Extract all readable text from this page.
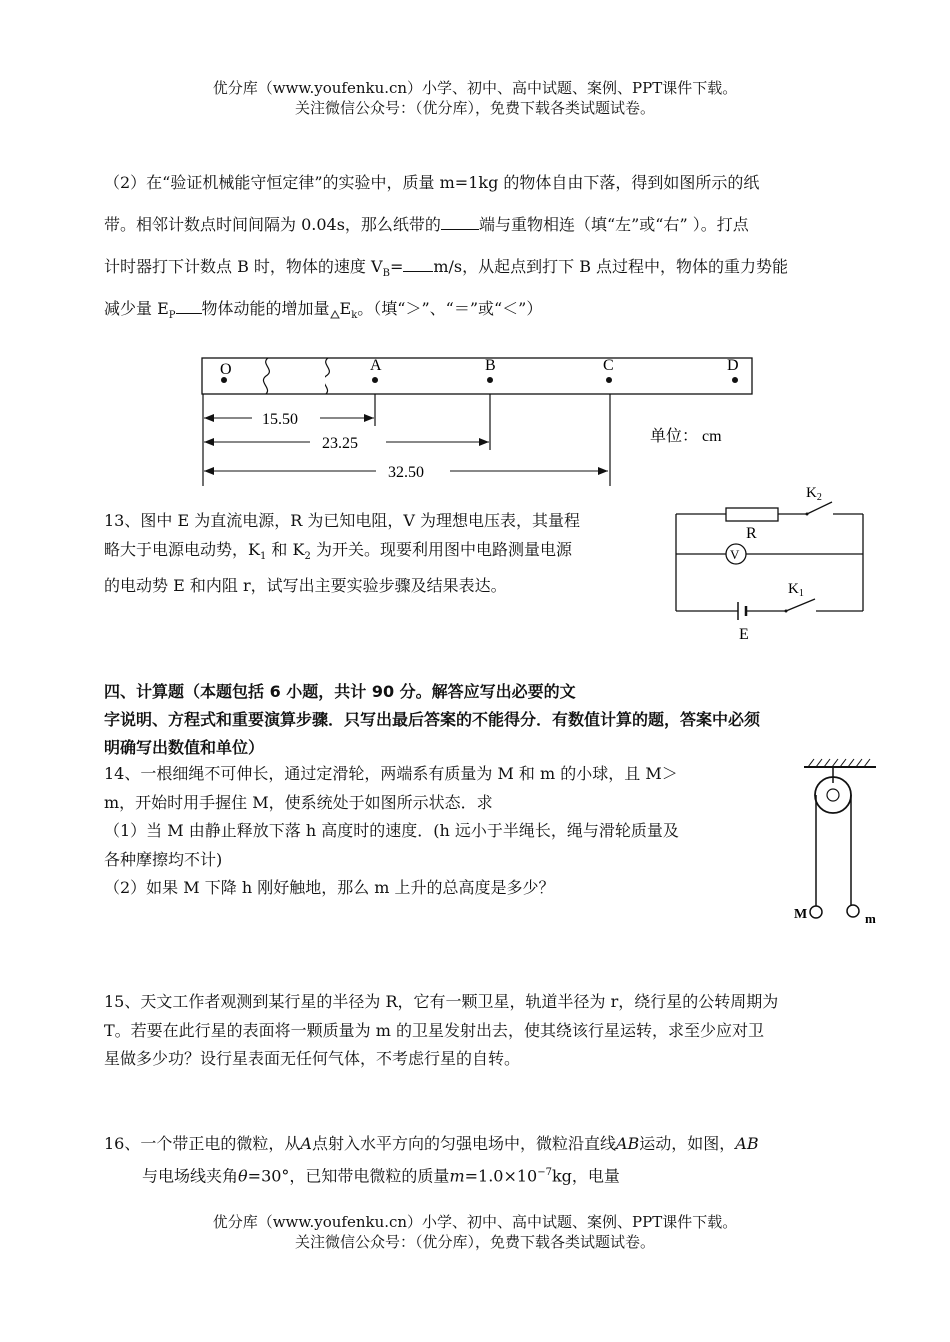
优分库（www.youfenku.cn）小学、初中、高中试题、案例、PPT课件下载。
关注微信公众号：（优分库），免费下载各类试题试卷。
（2）在“验证机械能守恒定律”的实验中，质量 m=1kg 的物体自由下落，得到如图所示的纸
带。相邻计数点时间间隔为 0.04s，那么纸带的 端与重物相连（填“左”或“右” ）。打点
计时器打下计数点 B 时，物体的速度 $V_B= m/s$，从起点到打下 B 点过程中，物体的重力势能
减少量 $E_P$ 物体动能的增加量 $E_k$。（填“＞”、“＝”或“＜”）
O	A	B	C	D
15.50
23.25
32.50
单位： cm
13、图中 E 为直流电源，R 为已知电阻，V 为理想电压表，其量程
略大于电源电动势，$K_1$ 和 $K_2$ 为开关。现要利用图中电路测量电源
的电动势 E 和内阻 r，试写出主要实验步骤及结果表达。
$K_2$
R
V
$K_1$
E
四、计算题（本题包括 6 小题，共计 90 分。解答应写出必要的文
字说明、方程式和重要演算步骤．只写出最后答案的不能得分．有数值计算的题，答案中必须
明确写出数值和单位）
14、一根细绳不可伸长，通过定滑轮，两端系有质量为 M 和 m 的小球，且 M＞
m，开始时用手握住 M，使系统处于如图所示状态．求
（1）当 M 由静止释放下落 h 高度时的速度．(h 远小于半绳长，绳与滑轮质量及
各种摩擦均不计)
（2）如果 M 下降 h 刚好触地，那么 m 上升的总高度是多少？
M	m
15、天文工作者观测到某行星的半径为 R，它有一颗卫星，轨道半径为 r，绕行星的公转周期为
T。若要在此行星的表面将一颗质量为 m 的卫星发射出去，使其绕该行星运转，求至少应对卫
星做多少功？设行星表面无任何气体，不考虑行星的自转。
16、一个带正电的微粒，从A点射入水平方向的匀强电场中，微粒沿直线AB运动，如图，AB
与电场线夹角θ=30°，已知带电微粒的质量$m=1.0\times 10^{-7}kg$，电量
优分库（www.youfenku.cn）小学、初中、高中试题、案例、PPT课件下载。
关注微信公众号：（优分库），免费下载各类试题试卷。
